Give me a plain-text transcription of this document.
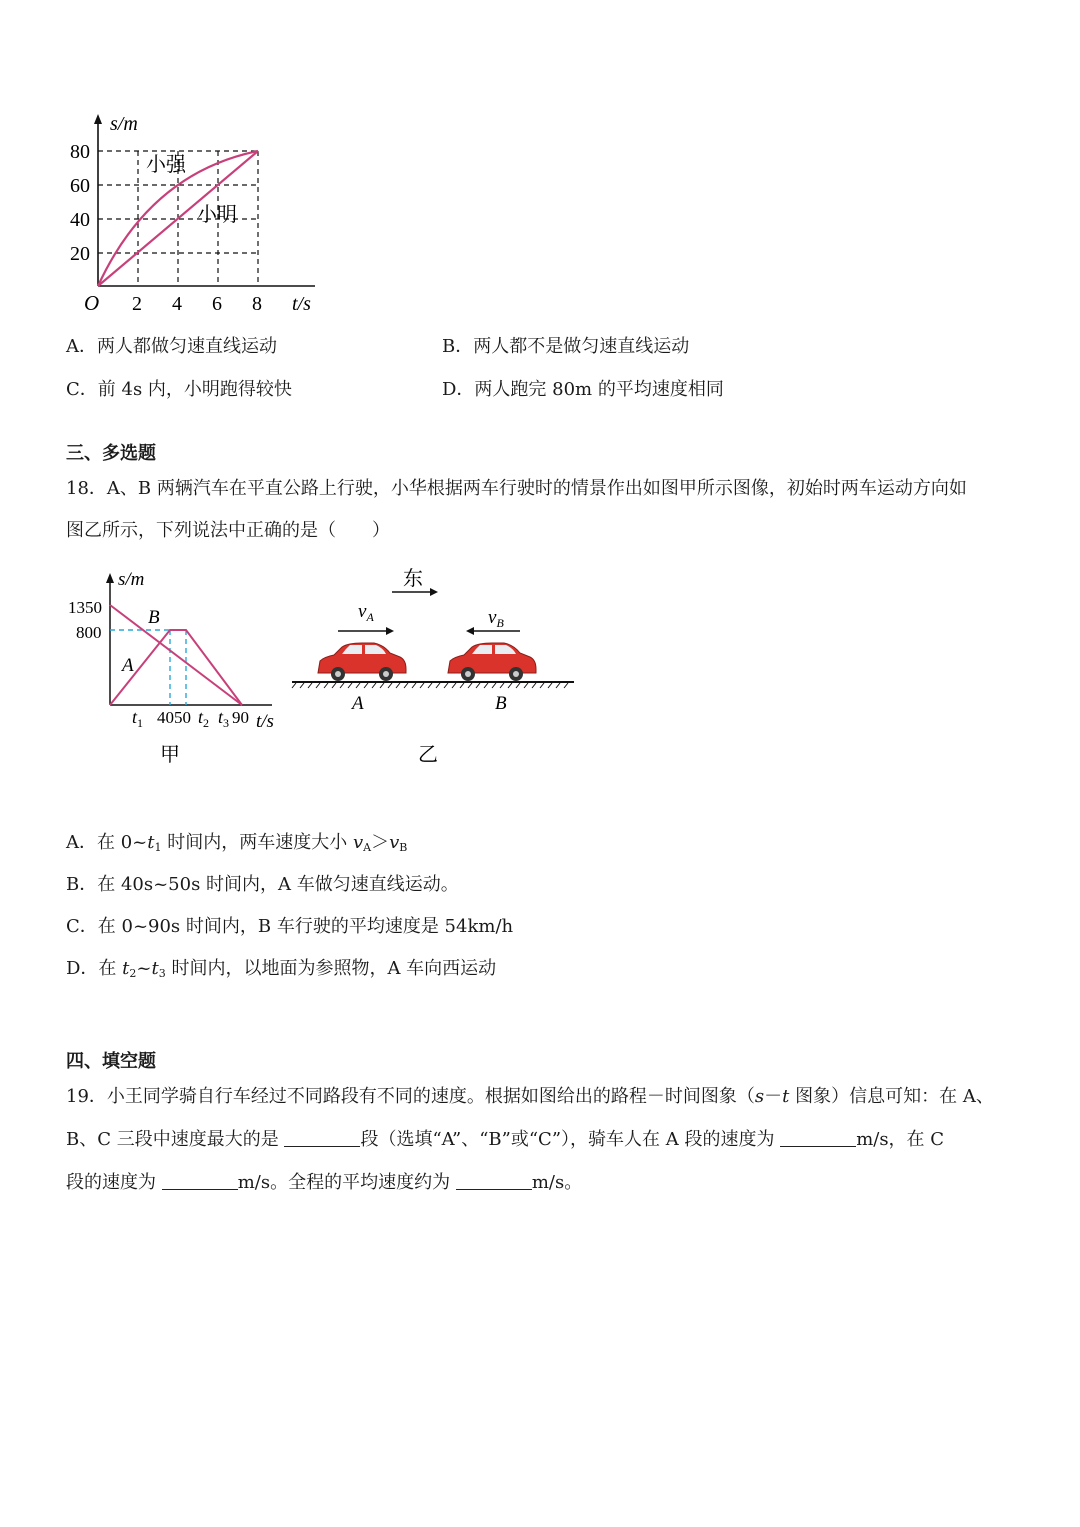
s/m
80
60
40
20
O 2 4 6 8 t/s
小强
小明
A．两人都做匀速直线运动	B．两人都不是做匀速直线运动
C．前 4s 内，小明跑得较快	D．两人跑完 80m 的平均速度相同
三、多选题
18．A、B 两辆汽车在平直公路上行驶，小华根据两车行驶时的情景作出如图甲所示图像，初始时两车运动方向如
图乙所示，下列说法中正确的是（　　）
s/m
1350
800
B
A
$t_1$ 4050 $t_2$ $t_3$ 90 t/s
甲
东
$v_A$	$v_B$
A	B
乙
A．在 $0\sim t_1$ 时间内，两车速度大小 $v_A>v_B$
B．在 40s~50s 时间内，A 车做匀速直线运动。
C．在 0~90s 时间内，B 车行驶的平均速度是 54km/h
D．在 $t_2\sim t_3$ 时间内，以地面为参照物，A 车向西运动
四、填空题
19．小王同学骑自行车经过不同路段有不同的速度。根据如图给出的路程－时间图象（s－t 图象）信息可知：在 A、
B、C 三段中速度最大的是	段（选填“A”、“B”或“C”），骑车人在 A 段的速度为	m/s，在 C
段的速度为	m/s。全程的平均速度约为	m/s。
